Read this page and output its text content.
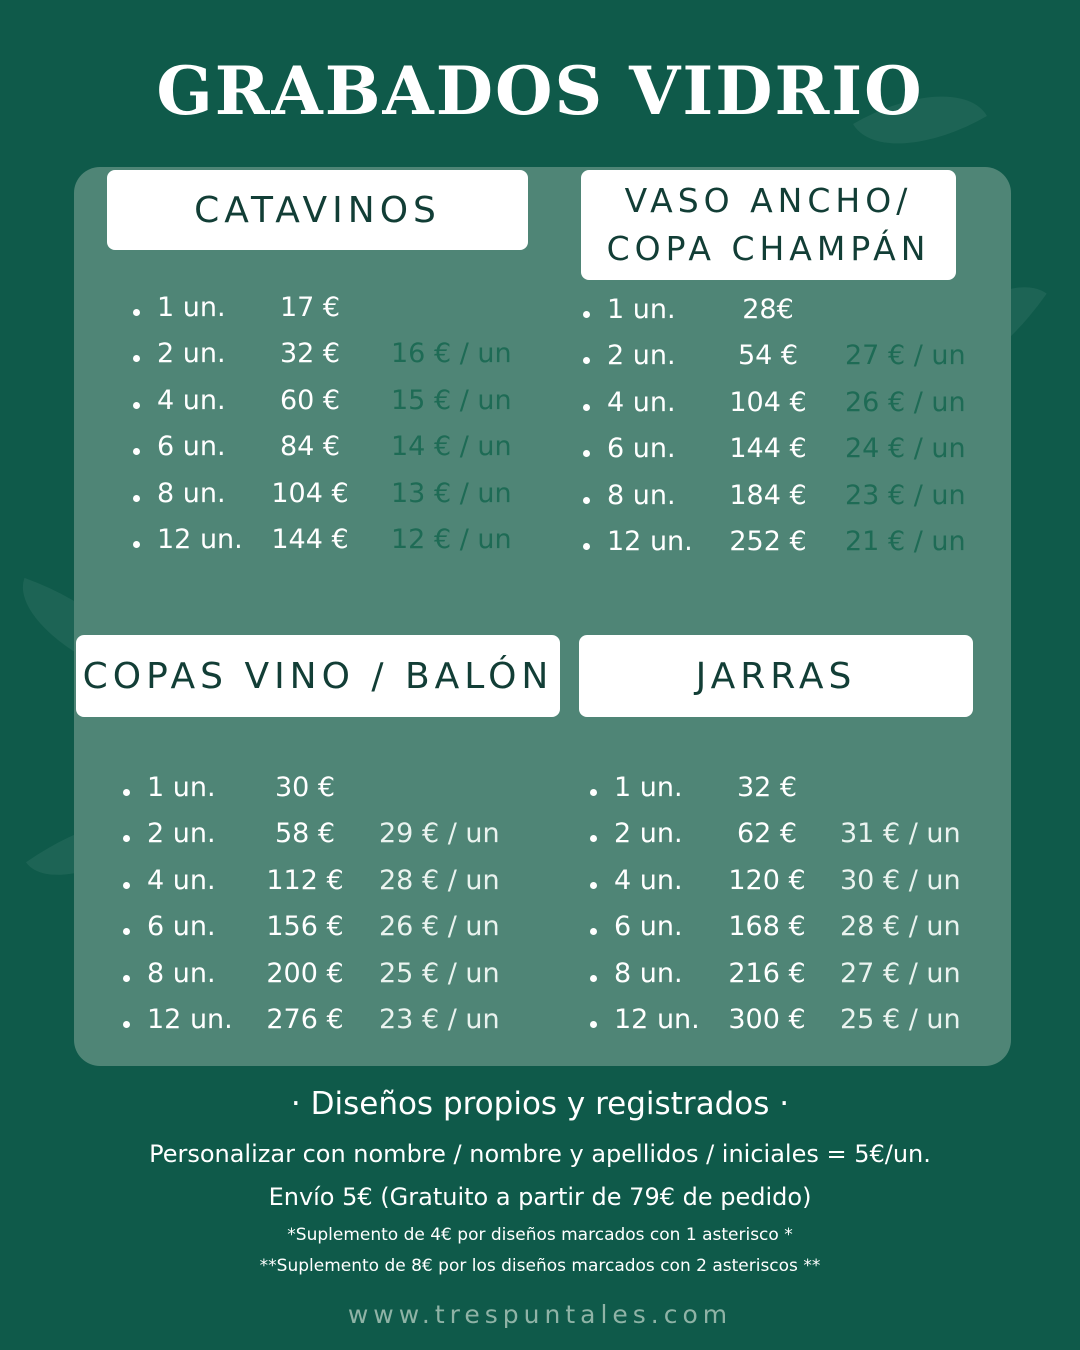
GRABADOS VIDRIO
CATAVINOS	VASO ANCHO/
COPA CHAMPÁN
COPAS VINO / BALÓN	JARRAS
1 un.	17 €
2 un.	32 €	16 € / un
4 un.	60 €	15 € / un
6 un.	84 €	14 € / un
8 un.	104 €	13 € / un
12 un.	144 €	12 € / un
1 un.	28€
2 un.	54 €	27 € / un
4 un.	104 €	26 € / un
6 un.	144 €	24 € / un
8 un.	184 €	23 € / un
12 un.	252 €	21 € / un
1 un.	30 €
2 un.	58 €	29 € / un
4 un.	112 €	28 € / un
6 un.	156 €	26 € / un
8 un.	200 €	25 € / un
12 un.	276 €	23 € / un
1 un.	32 €
2 un.	62 €	31 € / un
4 un.	120 €	30 € / un
6 un.	168 €	28 € / un
8 un.	216 €	27 € / un
12 un.	300 €	25 € / un
· Diseños propios y registrados ·
Personalizar con nombre / nombre y apellidos / iniciales = 5€/un.
Envío 5€ (Gratuito a partir de 79€ de pedido)
*Suplemento de 4€ por diseños marcados con 1 asterisco *
**Suplemento de 8€ por los diseños marcados con 2 asteriscos **
www.trespuntales.com
